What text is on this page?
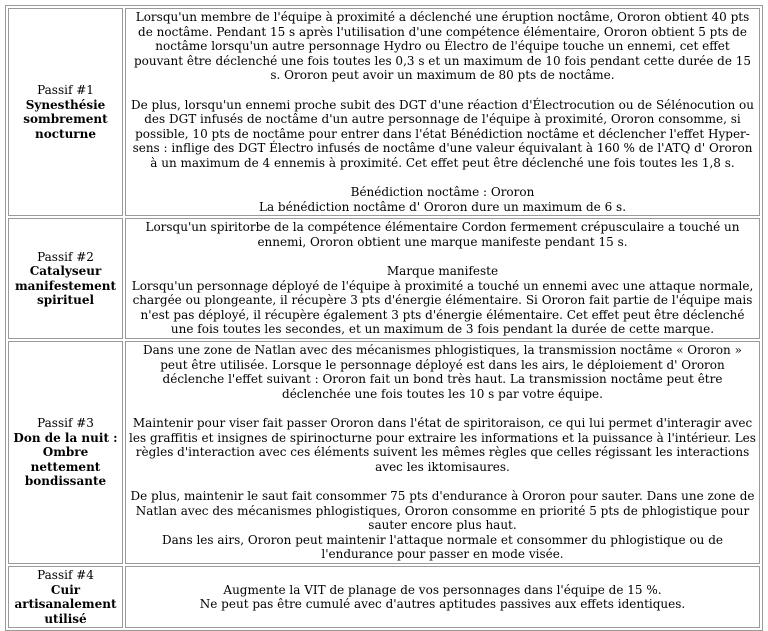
Passif #1
Synesthésie sombrement nocturne	Lorsqu'un membre de l'équipe à proximité a déclenché une éruption noctâme, Ororon obtient 40 pts de noctâme. Pendant 15 s après l'utilisation d'une compétence élémentaire, Ororon obtient 5 pts de noctâme lorsqu'un autre personnage Hydro ou Électro de l'équipe touche un ennemi, cet effet pouvant être déclenché une fois toutes les 0,3 s et un maximum de 10 fois pendant cette durée de 15 s. Ororon peut avoir un maximum de 80 pts de noctâme.
De plus, lorsqu'un ennemi proche subit des DGT d'une réaction d'Électrocution ou de Sélénocution ou des DGT infusés de noctâme d'un autre personnage de l'équipe à proximité, Ororon consomme, si possible, 10 pts de noctâme pour entrer dans l'état Bénédiction noctâme et déclencher l'effet Hyper-sens : inflige des DGT Électro infusés de noctâme d'une valeur équivalant à 160 % de l'ATQ d' Ororon à un maximum de 4 ennemis à proximité. Cet effet peut être déclenché une fois toutes les 1,8 s.
Bénédiction noctâme : Ororon
La bénédiction noctâme d' Ororon dure un maximum de 6 s.

Passif #2
Catalyseur manifestement spirituel	Lorsqu'un spiritorbe de la compétence élémentaire Cordon fermement crépusculaire a touché un ennemi, Ororon obtient une marque manifeste pendant 15 s.
Marque manifeste
Lorsqu'un personnage déployé de l'équipe à proximité a touché un ennemi avec une attaque normale, chargée ou plongeante, il récupère 3 pts d'énergie élémentaire. Si Ororon fait partie de l'équipe mais n'est pas déployé, il récupère également 3 pts d'énergie élémentaire. Cet effet peut être déclenché une fois toutes les secondes, et un maximum de 3 fois pendant la durée de cette marque.

Passif #3
Don de la nuit : Ombre nettement bondissante	Dans une zone de Natlan avec des mécanismes phlogistiques, la transmission noctâme « Ororon » peut être utilisée. Lorsque le personnage déployé est dans les airs, le déploiement d' Ororon déclenche l'effet suivant : Ororon fait un bond très haut. La transmission noctâme peut être déclenchée une fois toutes les 10 s par votre équipe.
Maintenir pour viser fait passer Ororon dans l'état de spiritoraison, ce qui lui permet d'interagir avec les graffitis et insignes de spirinocturne pour extraire les informations et la puissance à l'intérieur. Les règles d'interaction avec ces éléments suivent les mêmes règles que celles régissant les interactions avec les iktomisaures.
De plus, maintenir le saut fait consommer 75 pts d'endurance à Ororon pour sauter. Dans une zone de Natlan avec des mécanismes phlogistiques, Ororon consomme en priorité 5 pts de phlogistique pour sauter encore plus haut.
Dans les airs, Ororon peut maintenir l'attaque normale et consommer du phlogistique ou de l'endurance pour passer en mode visée.

Passif #4
Cuir artisanalement utilisé	Augmente la VIT de planage de vos personnages dans l'équipe de 15 %.
Ne peut pas être cumulé avec d'autres aptitudes passives aux effets identiques.
